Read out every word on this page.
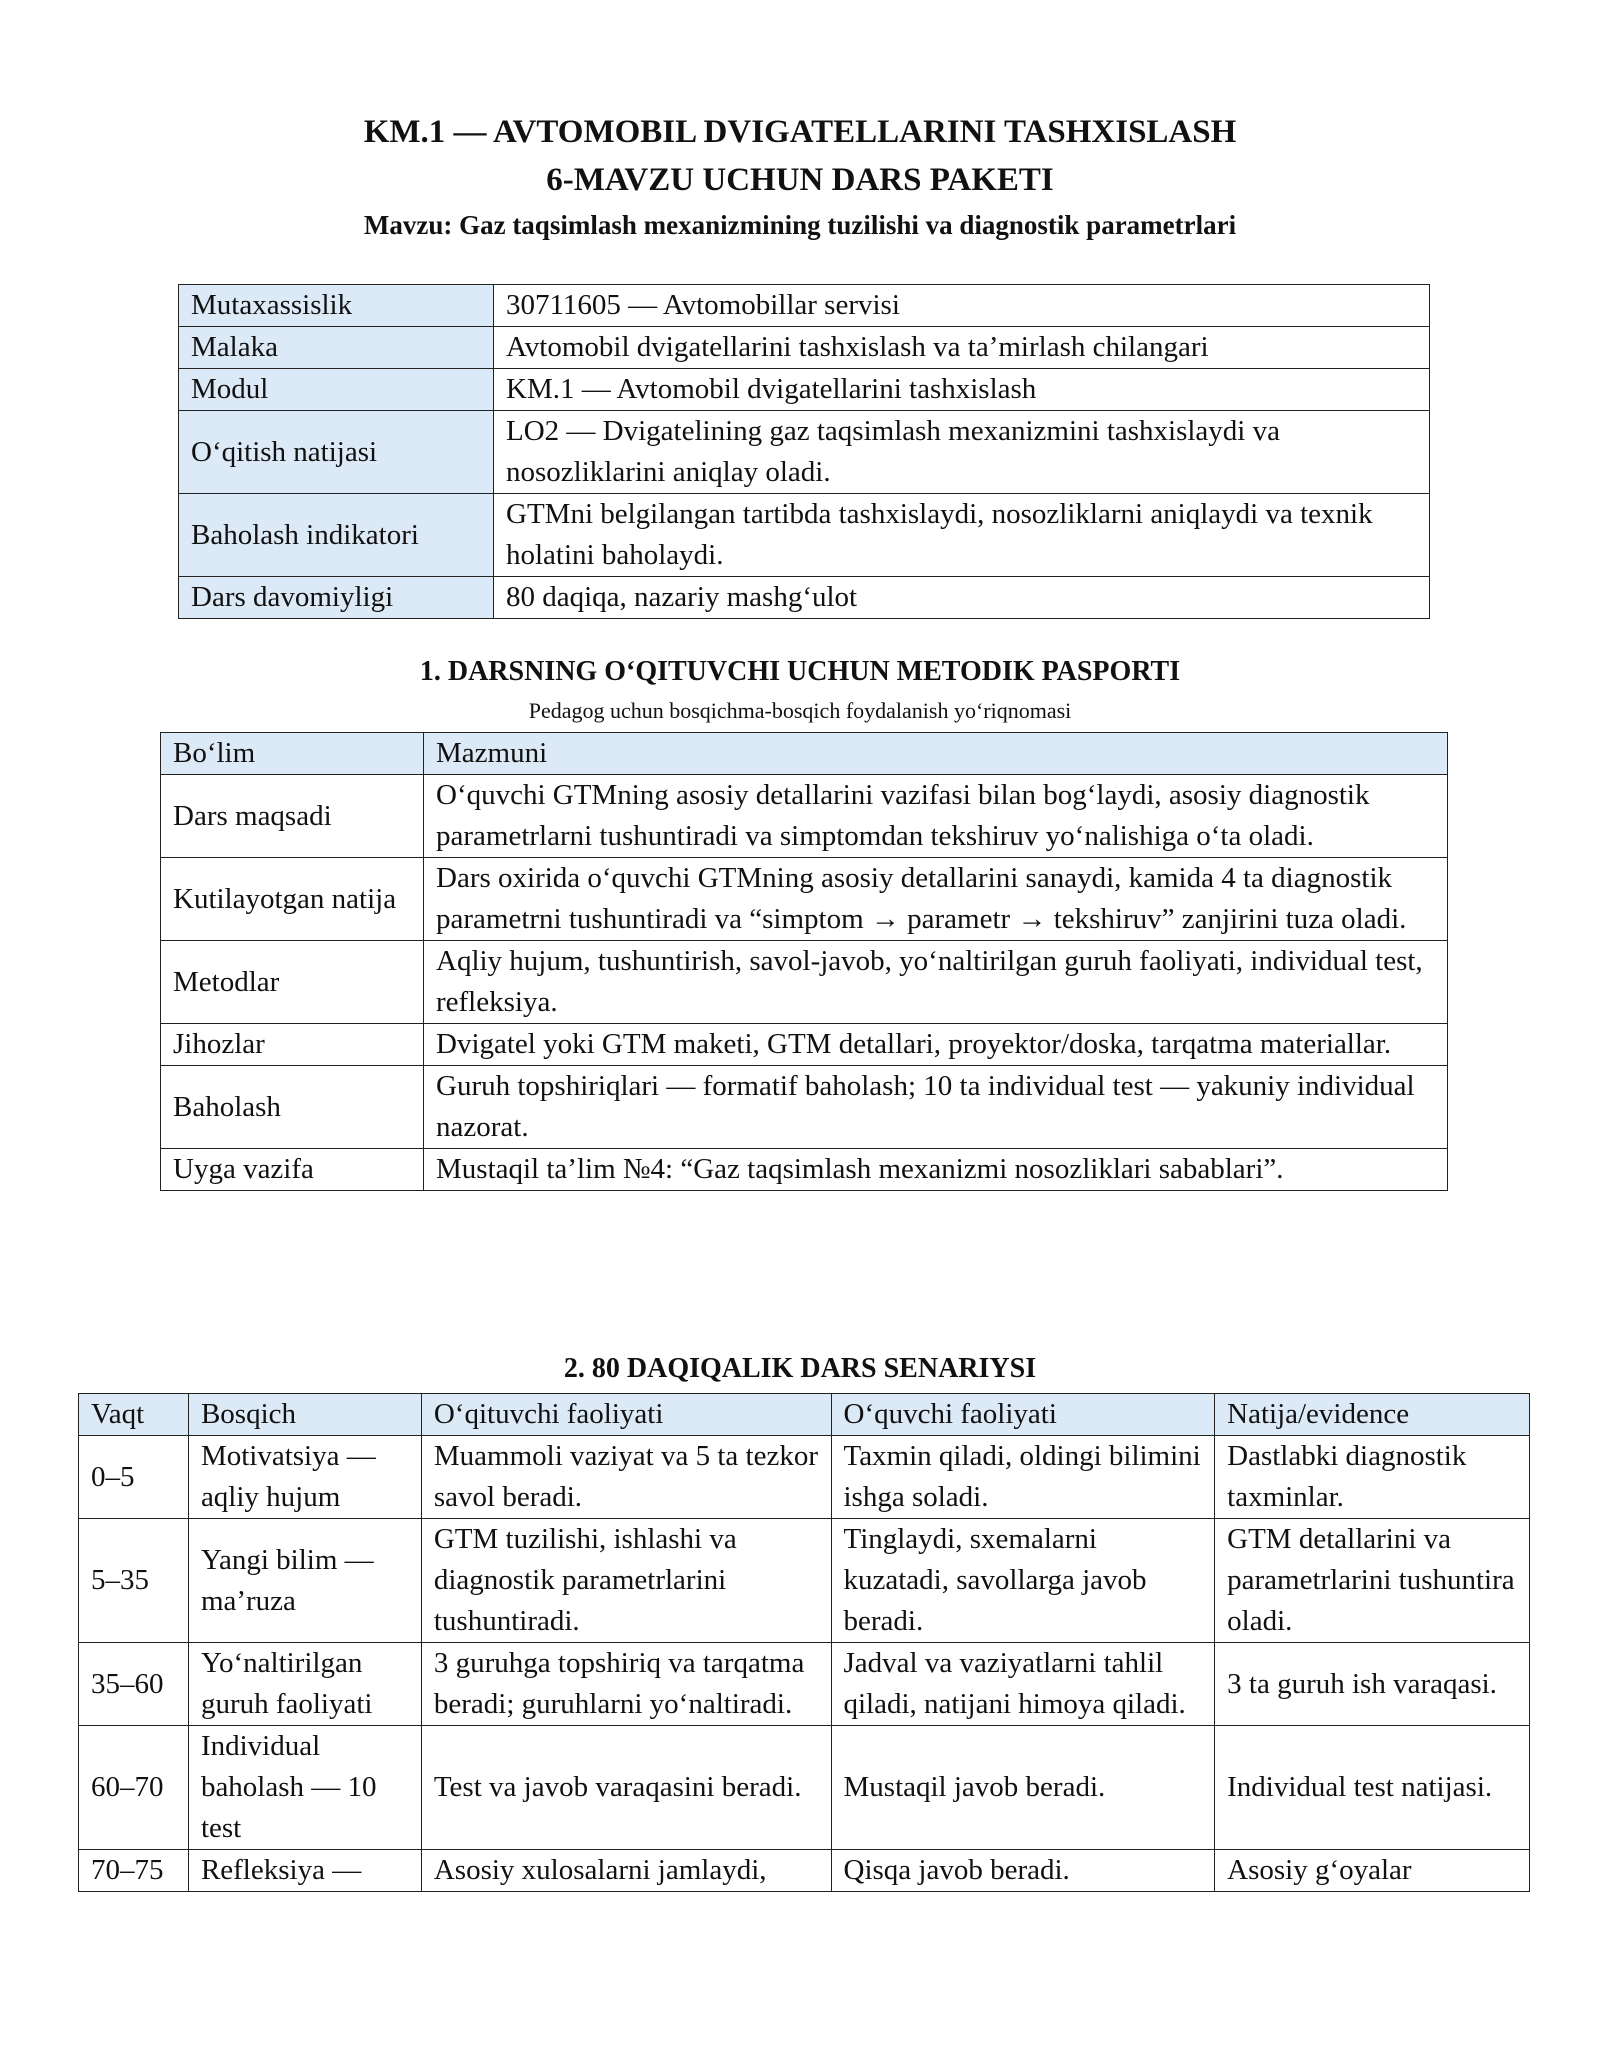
KM.1 — AVTOMOBIL DVIGATELLARINI TASHXISLASH
6-MAVZU UCHUN DARS PAKETI
Mavzu: Gaz taqsimlash mexanizmining tuzilishi va diagnostik parametrlari
Mutaxassislik	30711605 — Avtomobillar servisi
Malaka	Avtomobil dvigatellarini tashxislash va ta’mirlash chilangari
Modul	KM.1 — Avtomobil dvigatellarini tashxislash
O‘qitish natijasi	LO2 — Dvigatelining gaz taqsimlash mexanizmini tashxislaydi va nosozliklarini aniqlay oladi.
Baholash indikatori	GTMni belgilangan tartibda tashxislaydi, nosozliklarni aniqlaydi va texnik holatini baholaydi.
Dars davomiyligi	80 daqiqa, nazariy mashg‘ulot
1. DARSNING O‘QITUVCHI UCHUN METODIK PASPORTI
Pedagog uchun bosqichma-bosqich foydalanish yo‘riqnomasi
Bo‘lim	Mazmuni
Dars maqsadi	O‘quvchi GTMning asosiy detallarini vazifasi bilan bog‘laydi, asosiy diagnostik parametrlarni tushuntiradi va simptomdan tekshiruv yo‘nalishiga o‘ta oladi.
Kutilayotgan natija	Dars oxirida o‘quvchi GTMning asosiy detallarini sanaydi, kamida 4 ta diagnostik parametrni tushuntiradi va “simptom → parametr → tekshiruv” zanjirini tuza oladi.
Metodlar	Aqliy hujum, tushuntirish, savol-javob, yo‘naltirilgan guruh faoliyati, individual test, refleksiya.
Jihozlar	Dvigatel yoki GTM maketi, GTM detallari, proyektor/doska, tarqatma materiallar.
Baholash	Guruh topshiriqlari — formatif baholash; 10 ta individual test — yakuniy individual nazorat.
Uyga vazifa	Mustaqil ta’lim №4: “Gaz taqsimlash mexanizmi nosozliklari sabablari”.
2. 80 DAQIQALIK DARS SENARIYSI
Vaqt	Bosqich	O‘qituvchi faoliyati	O‘quvchi faoliyati	Natija/evidence
0–5	Motivatsiya — aqliy hujum	Muammoli vaziyat va 5 ta tezkor savol beradi.	Taxmin qiladi, oldingi bilimini ishga soladi.	Dastlabki diagnostik taxminlar.
5–35	Yangi bilim — ma’ruza	GTM tuzilishi, ishlashi va diagnostik parametrlarini tushuntiradi.	Tinglaydi, sxemalarni kuzatadi, savollarga javob beradi.	GTM detallarini va parametrlarini tushuntira oladi.
35–60	Yo‘naltirilgan guruh faoliyati	3 guruhga topshiriq va tarqatma beradi; guruhlarni yo‘naltiradi.	Jadval va vaziyatlarni tahlil qiladi, natijani himoya qiladi.	3 ta guruh ish varaqasi.
60–70	Individual baholash — 10 test	Test va javob varaqasini beradi.	Mustaqil javob beradi.	Individual test natijasi.
70–75	Refleksiya —	Asosiy xulosalarni jamlaydi,	Qisqa javob beradi.	Asosiy g‘oyalar
